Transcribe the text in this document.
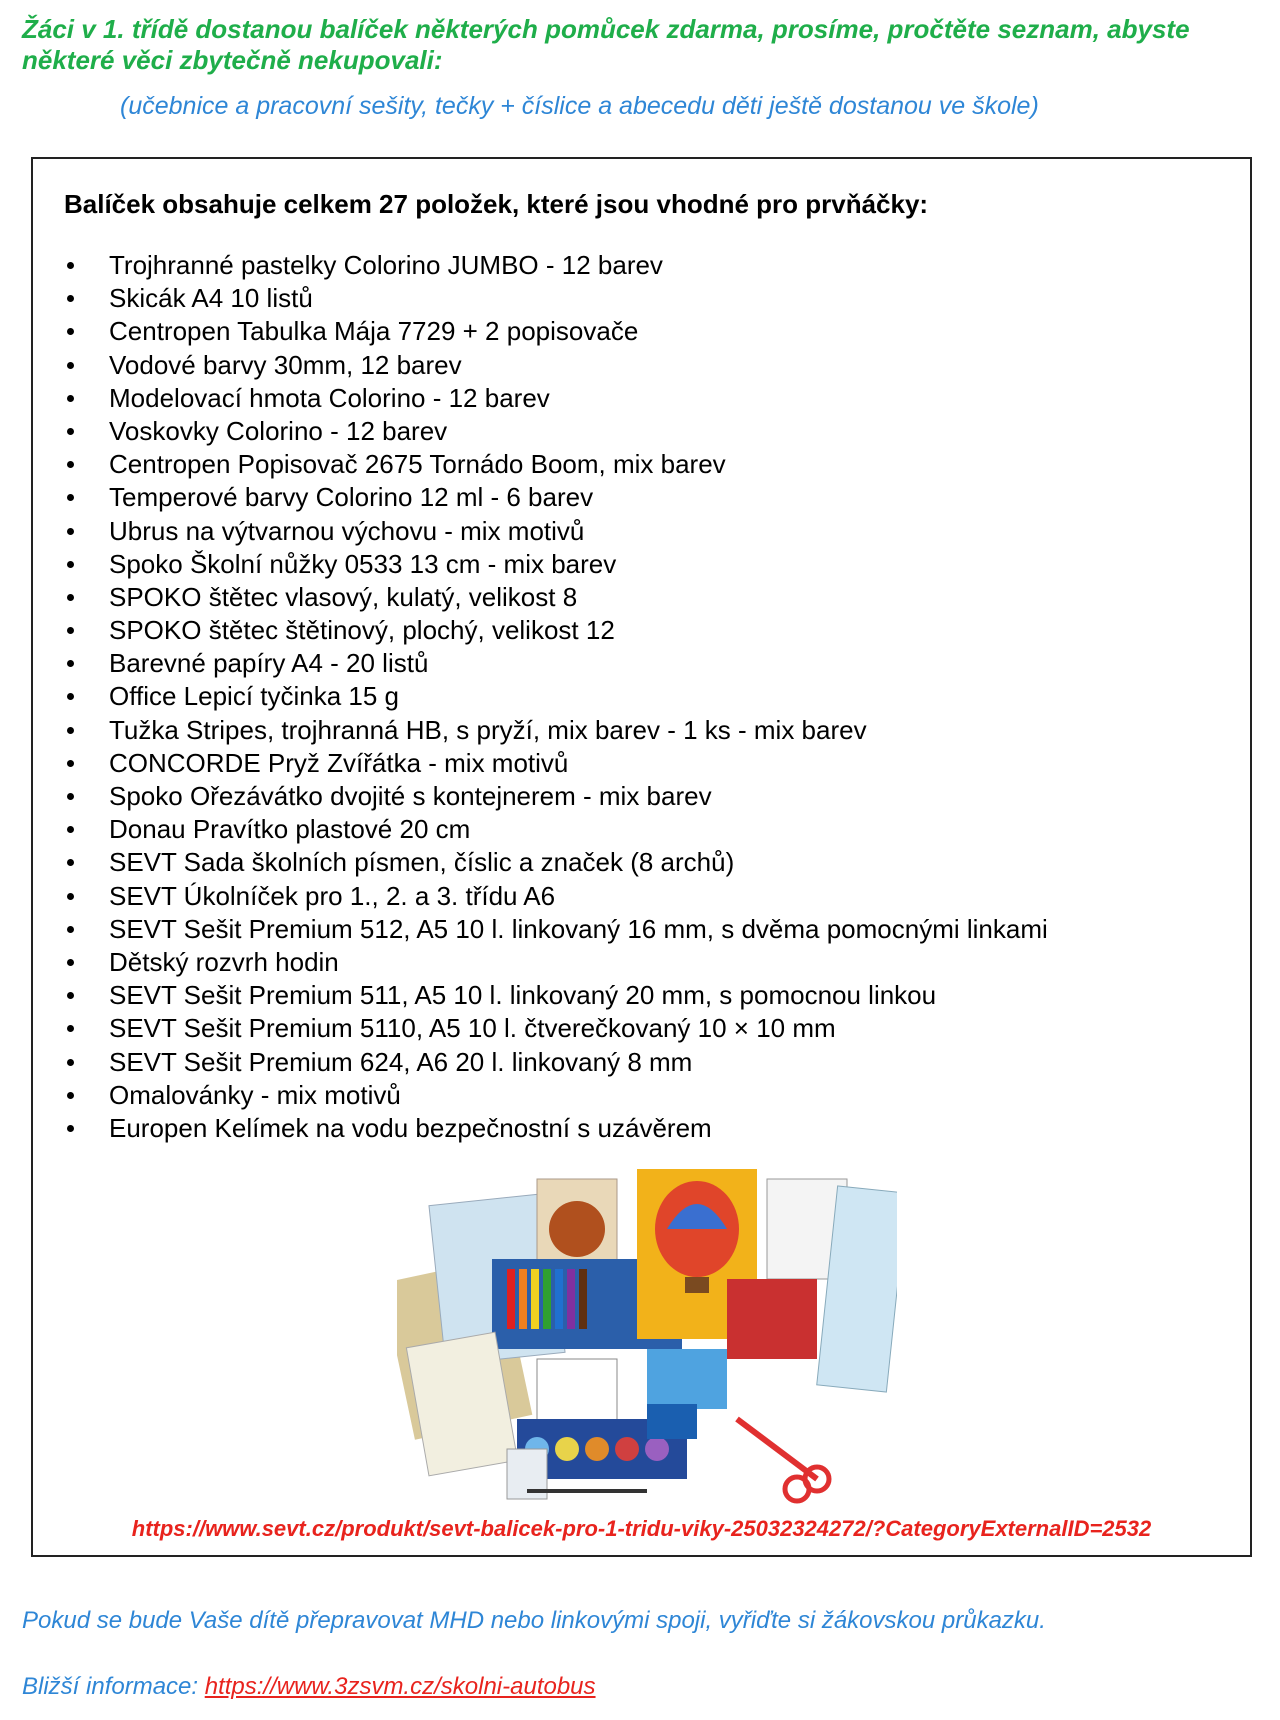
Žáci v 1. třídě dostanou balíček některých pomůcek zdarma, prosíme, pročtěte seznam, abyste některé věci zbytečně nekupovali:
(učebnice a pracovní sešity, tečky + číslice a abecedu děti ještě dostanou ve škole)
Balíček obsahuje celkem 27 položek, které jsou vhodné pro prvňáčky:
Trojhranné pastelky Colorino JUMBO - 12 barev
Skicák A4 10 listů
Centropen Tabulka Mája 7729 + 2 popisovače
Vodové barvy 30mm, 12 barev
Modelovací hmota Colorino - 12 barev
Voskovky Colorino - 12 barev
Centropen Popisovač 2675 Tornádo Boom, mix barev
Temperové barvy Colorino 12 ml - 6 barev
Ubrus na výtvarnou výchovu - mix motivů
Spoko Školní nůžky 0533 13 cm - mix barev
SPOKO štětec vlasový, kulatý, velikost 8
SPOKO štětec štětinový, plochý, velikost 12
Barevné papíry A4 - 20 listů
Office Lepicí tyčinka 15 g
Tužka Stripes, trojhranná HB, s pryží, mix barev - 1 ks - mix barev
CONCORDE Pryž Zvířátka - mix motivů
Spoko Ořezávátko dvojité s kontejnerem - mix barev
Donau Pravítko plastové 20 cm
SEVT Sada školních písmen, číslic a značek (8 archů)
SEVT Úkolníček pro 1., 2. a 3. třídu A6
SEVT Sešit Premium 512, A5 10 l. linkovaný 16 mm, s dvěma pomocnými linkami
Dětský rozvrh hodin
SEVT Sešit Premium 511, A5 10 l. linkovaný 20 mm, s pomocnou linkou
SEVT Sešit Premium 5110, A5 10 l. čtverečkovaný 10 × 10 mm
SEVT Sešit Premium 624, A6 20 l. linkovaný 8 mm
Omalovánky - mix motivů
Europen Kelímek na vodu bezpečnostní s uzávěrem
https://www.sevt.cz/produkt/sevt-balicek-pro-1-tridu-viky-25032324272/?CategoryExternalID=2532
Pokud se bude Vaše dítě přepravovat MHD nebo linkovými spoji, vyřiďte si žákovskou průkazku.
Bližší informace: https://www.3zsvm.cz/skolni-autobus
